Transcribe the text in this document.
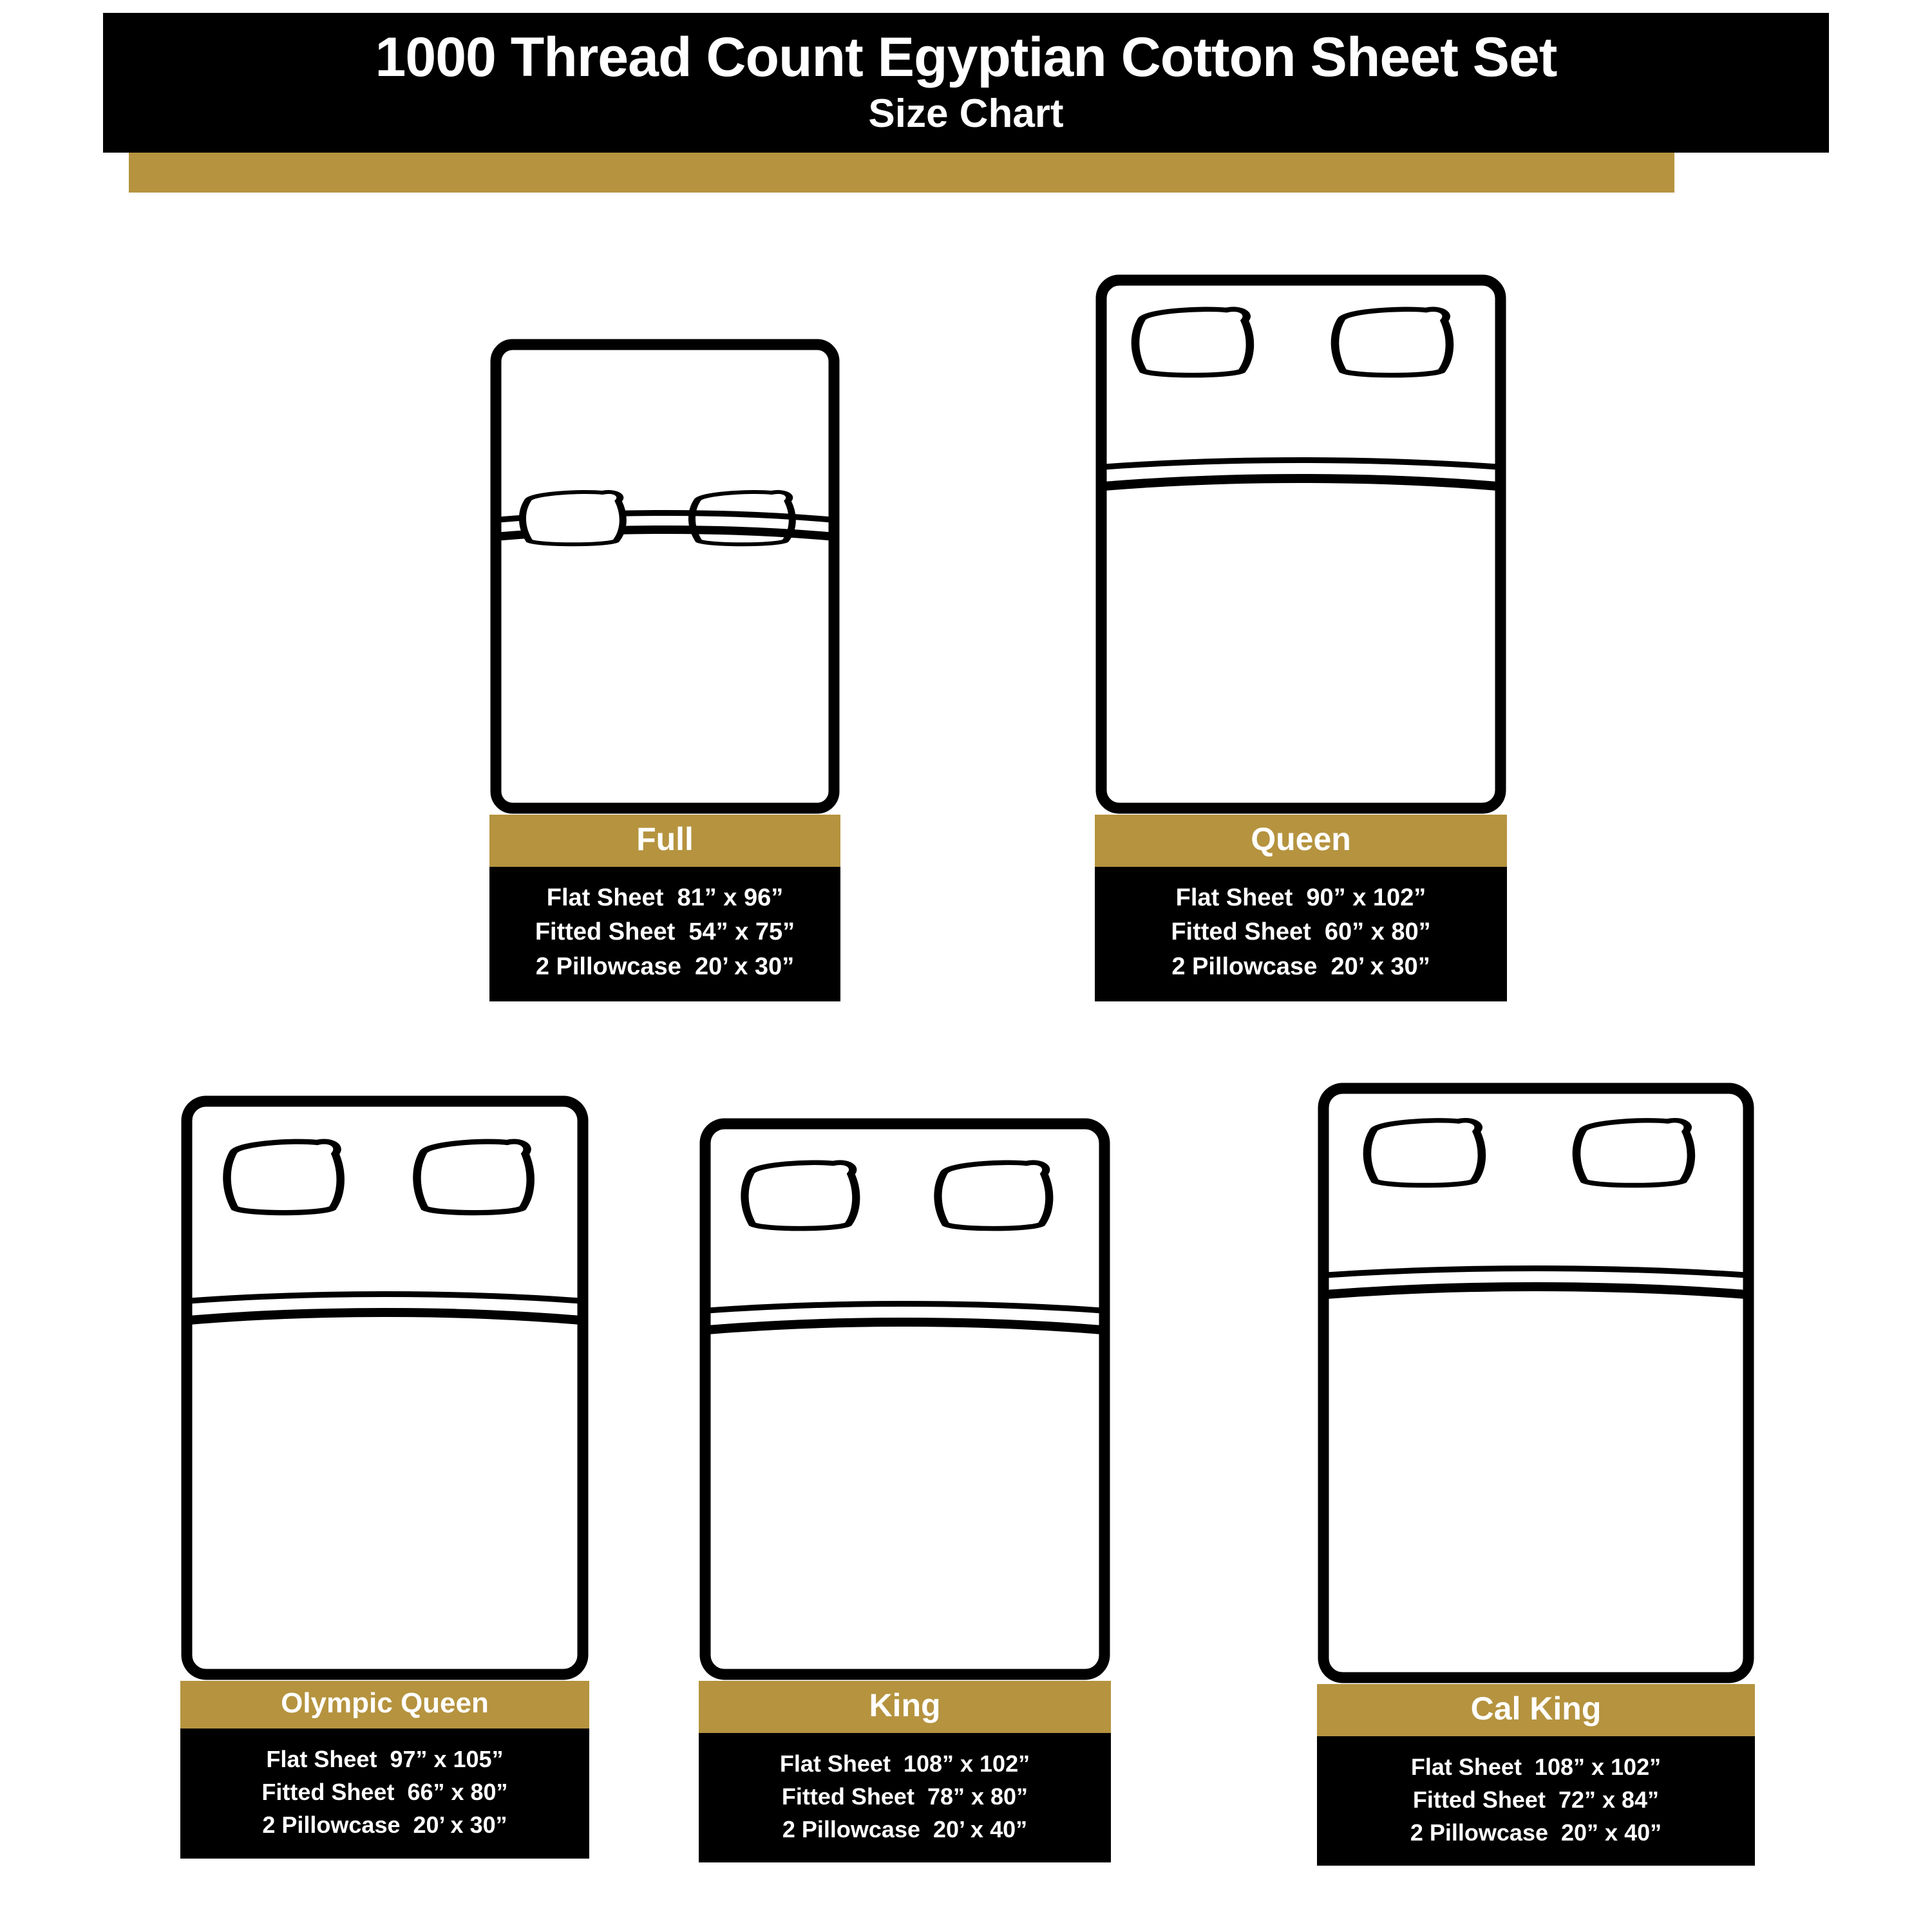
1000 Thread Count Egyptian Cotton Sheet Set
Size Chart
Full
Flat Sheet  81” x 96”
Fitted Sheet  54” x 75”
2 Pillowcase  20’ x 30”
Queen
Flat Sheet  90” x 102”
Fitted Sheet  60” x 80”
2 Pillowcase  20’ x 30”
Olympic Queen
Flat Sheet  97” x 105”
Fitted Sheet  66” x 80”
2 Pillowcase  20’ x 30”
King
Flat Sheet  108” x 102”
Fitted Sheet  78” x 80”
2 Pillowcase  20’ x 40”
Cal King
Flat Sheet  108” x 102”
Fitted Sheet  72” x 84”
2 Pillowcase  20” x 40”
